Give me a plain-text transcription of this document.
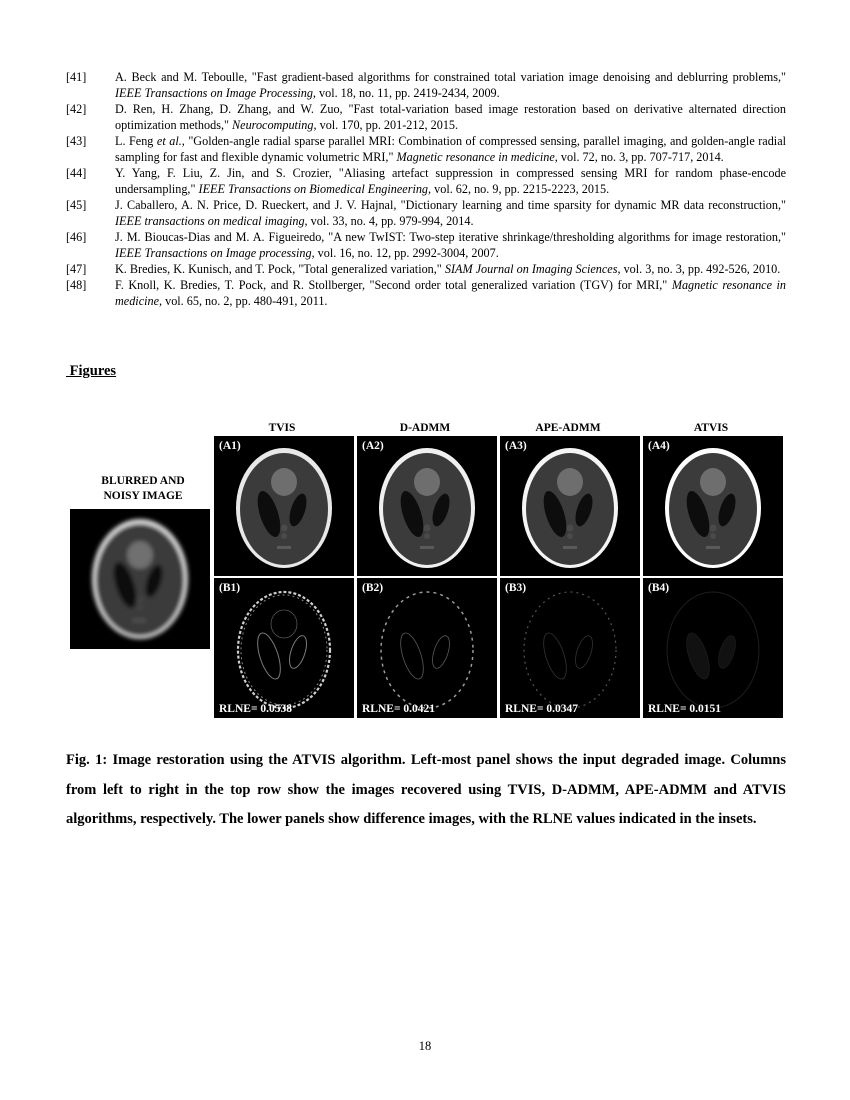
[41]	A. Beck and M. Teboulle, "Fast gradient-based algorithms for constrained total variation image denoising and deblurring problems," IEEE Transactions on Image Processing, vol. 18, no. 11, pp. 2419-2434, 2009.
[42]	D. Ren, H. Zhang, D. Zhang, and W. Zuo, "Fast total-variation based image restoration based on derivative alternated direction optimization methods," Neurocomputing, vol. 170, pp. 201-212, 2015.
[43]	L. Feng et al., "Golden-angle radial sparse parallel MRI: Combination of compressed sensing, parallel imaging, and golden-angle radial sampling for fast and flexible dynamic volumetric MRI," Magnetic resonance in medicine, vol. 72, no. 3, pp. 707-717, 2014.
[44]	Y. Yang, F. Liu, Z. Jin, and S. Crozier, "Aliasing artefact suppression in compressed sensing MRI for random phase-encode undersampling," IEEE Transactions on Biomedical Engineering, vol. 62, no. 9, pp. 2215-2223, 2015.
[45]	J. Caballero, A. N. Price, D. Rueckert, and J. V. Hajnal, "Dictionary learning and time sparsity for dynamic MR data reconstruction," IEEE transactions on medical imaging, vol. 33, no. 4, pp. 979-994, 2014.
[46]	J. M. Bioucas-Dias and M. A. Figueiredo, "A new TwIST: Two-step iterative shrinkage/thresholding algorithms for image restoration," IEEE Transactions on Image processing, vol. 16, no. 12, pp. 2992-3004, 2007.
[47]	K. Bredies, K. Kunisch, and T. Pock, "Total generalized variation," SIAM Journal on Imaging Sciences, vol. 3, no. 3, pp. 492-526, 2010.
[48]	F. Knoll, K. Bredies, T. Pock, and R. Stollberger, "Second order total generalized variation (TGV) for MRI," Magnetic resonance in medicine, vol. 65, no. 2, pp. 480-491, 2011.
Figures
TVIS	D-ADMM	APE-ADMM	ATVIS
BLURRED AND
NOISY IMAGE
(A1)	(A2)	(A3)	(A4)
(B1)
RLNE= 0.0538
(B2)
RLNE= 0.0421
(B3)
RLNE= 0.0347
(B4)
RLNE= 0.0151
Fig. 1: Image restoration using the ATVIS algorithm. Left-most panel shows the input degraded image. Columns from left to right in the top row show the images recovered using TVIS, D-ADMM, APE-ADMM and ATVIS algorithms, respectively. The lower panels show difference images, with the RLNE values indicated in the insets.
18
